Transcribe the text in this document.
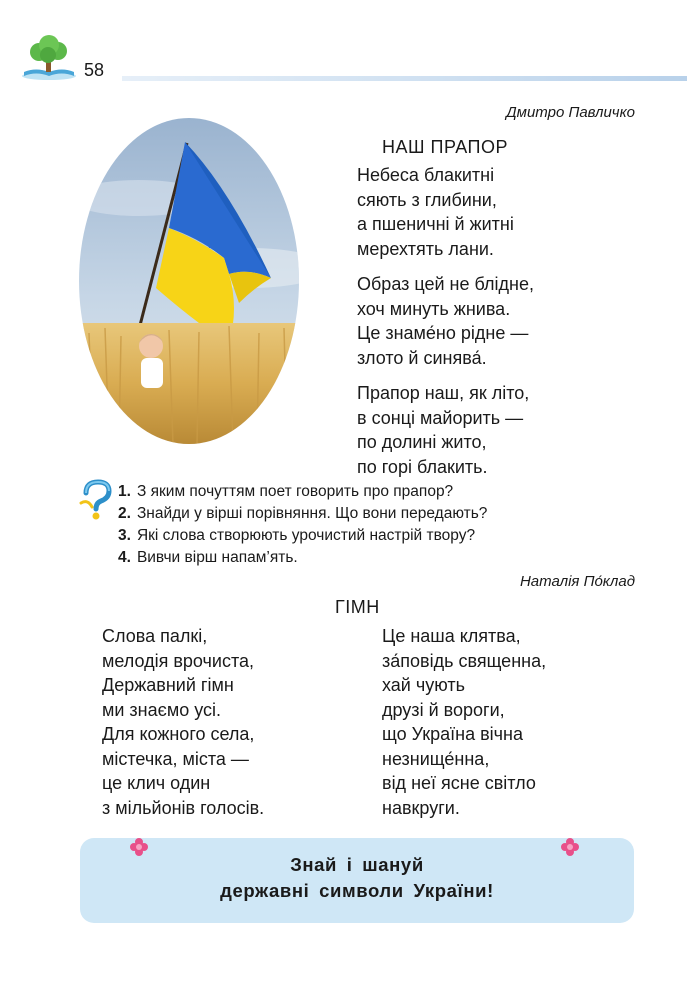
58
Дмитро Павличко
НАШ ПРАПОР
Небеса блакитні
сяють з глибини,
а пшеничні й житні
мерехтять лани.
Образ цей не блідне,
хоч минуть жнива.
Це знаме́но рідне —
злото й синява́.
Прапор наш, як літо,
в сонці майорить —
по долині жито,
по горі блакить.
1. З яким почуттям поет говорить про прапор?
2. Знайди у вірші порівняння. Що вони передають?
3. Які слова створюють урочистий настрій твору?
4. Вивчи вірш напам’ять.
Наталія По́клад
ГІМН
Слова палкі,
мелодія врочиста,
Державний гімн
ми знаємо усі.
Для кожного села,
містечка, міста —
це клич один
з мільйонів голосів.
Це наша клятва,
за́повідь священна,
хай чують
друзі й вороги,
що Україна вічна
незнище́нна,
від неї ясне світло
навкруги.
Знай і шануй
державні символи України!
